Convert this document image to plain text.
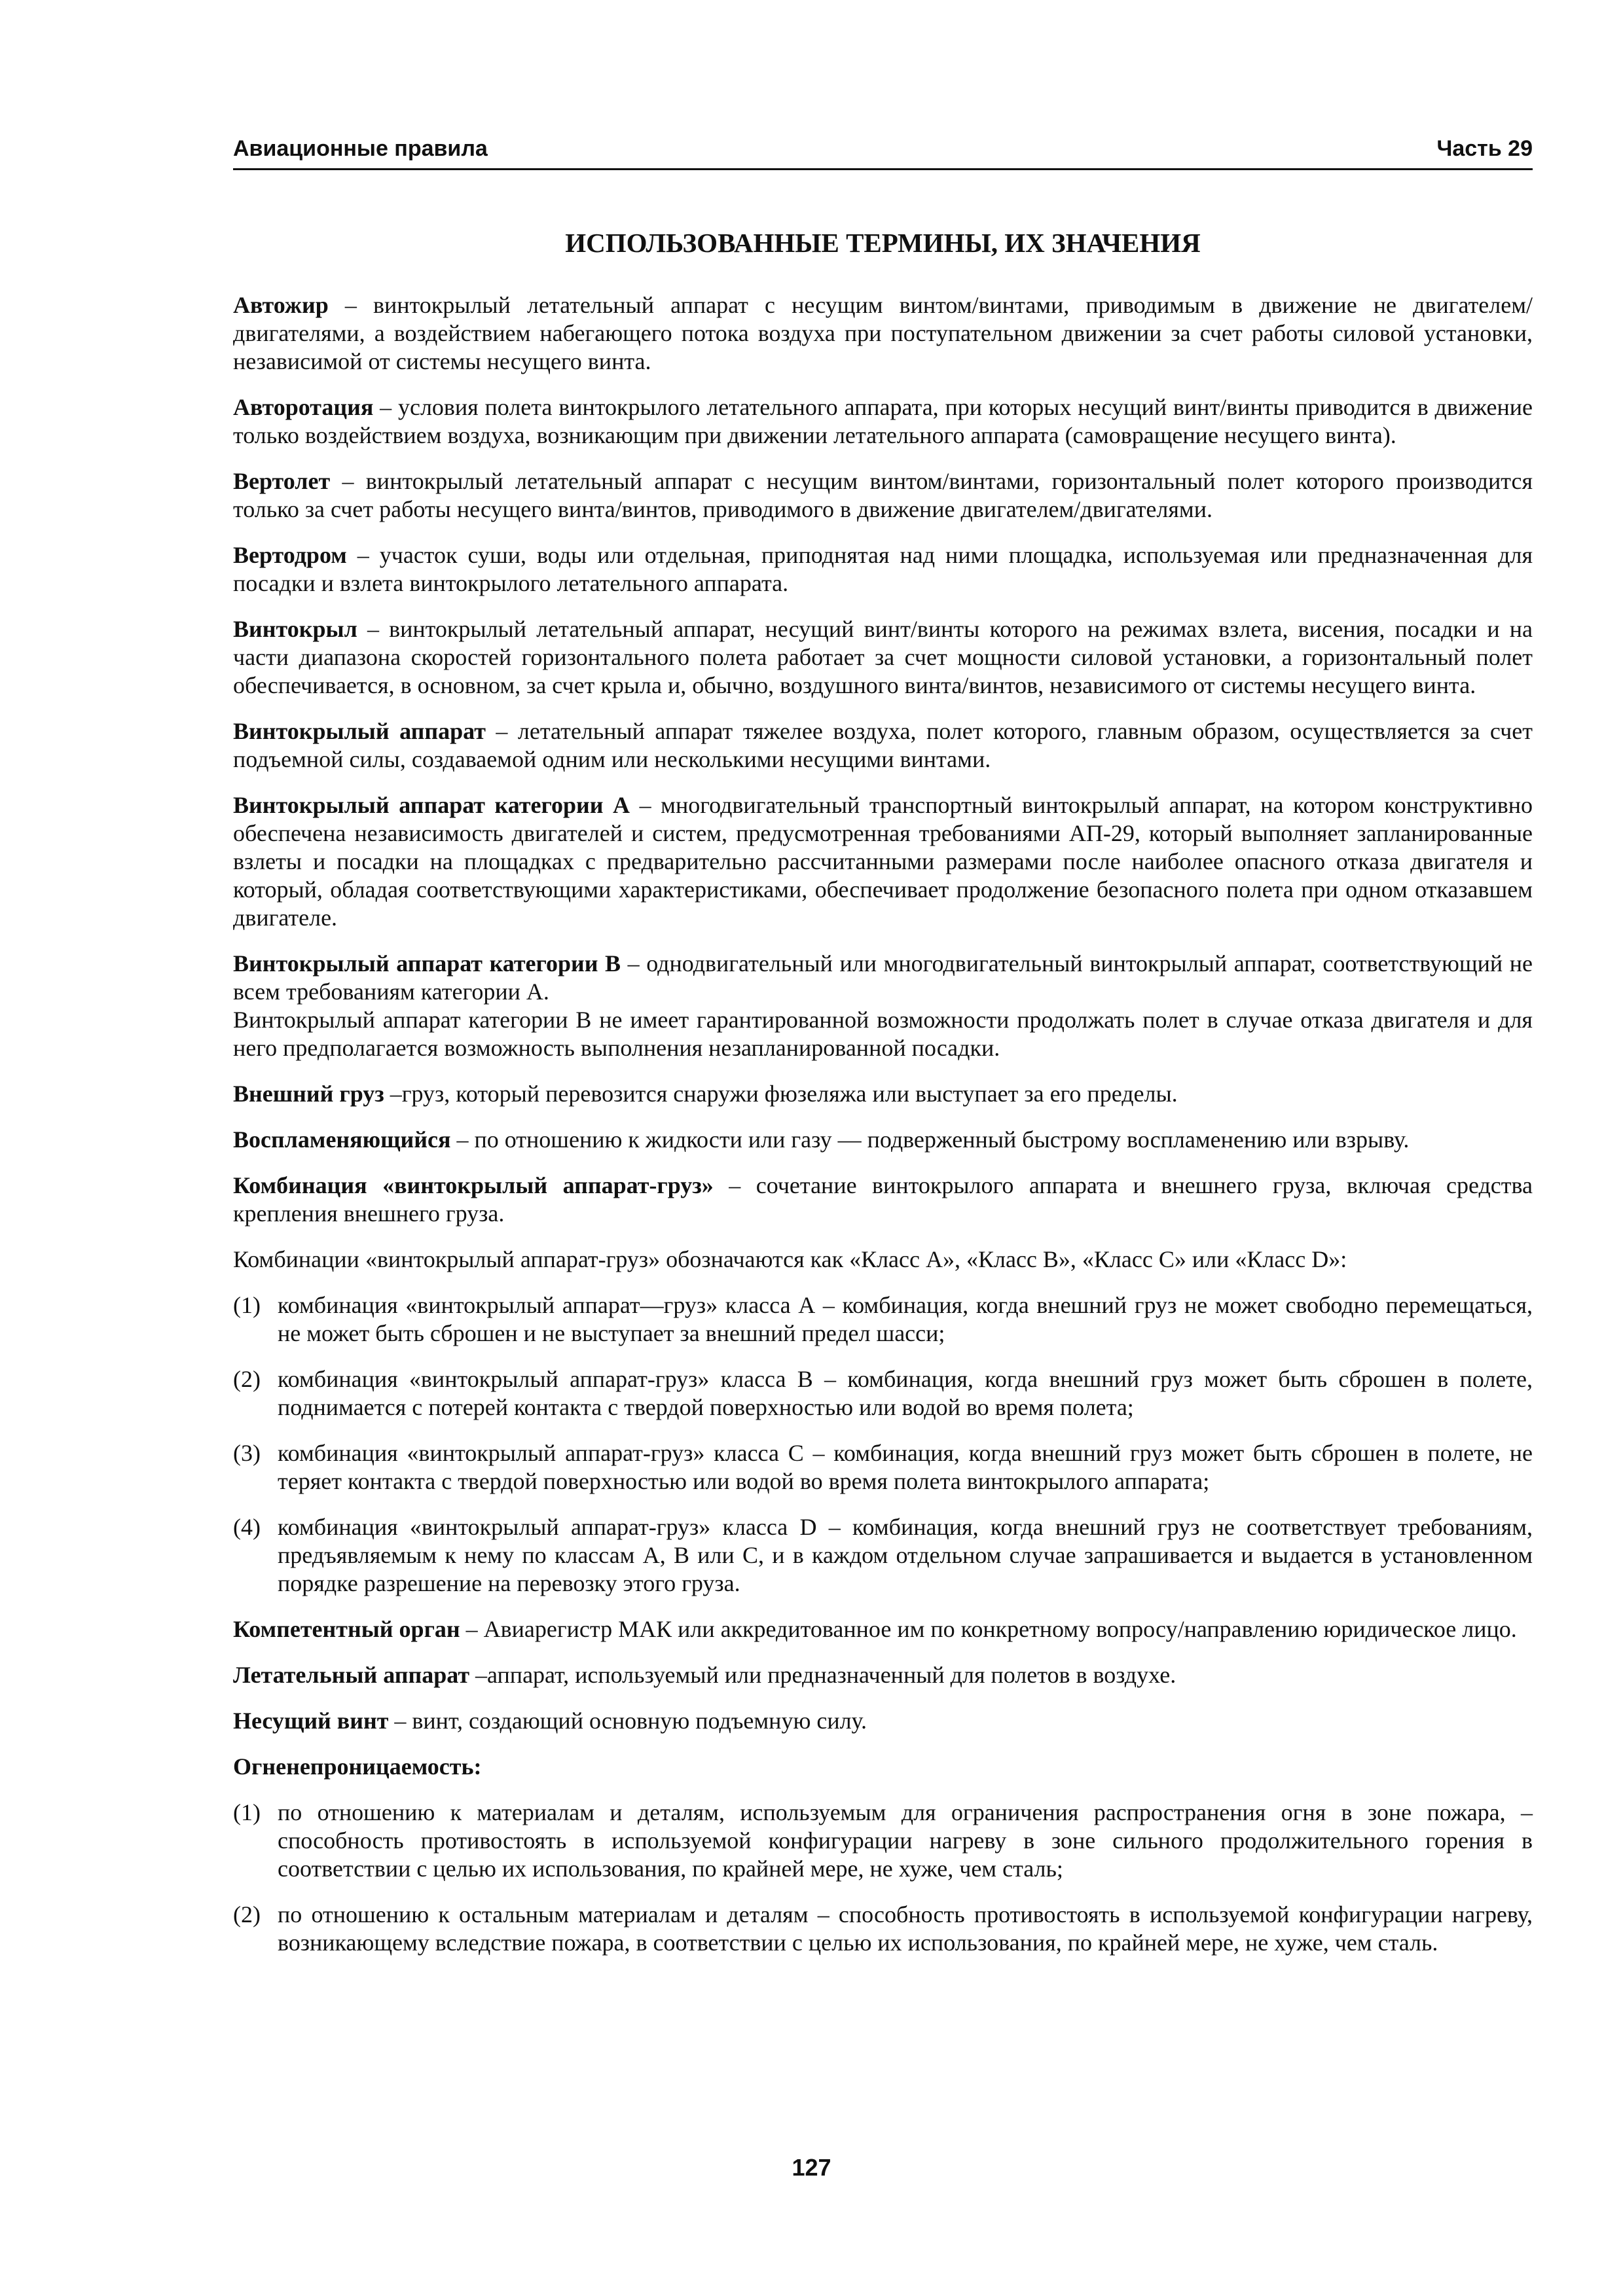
Авиационные правила	Часть 29
ИСПОЛЬЗОВАННЫЕ ТЕРМИНЫ, ИХ ЗНАЧЕНИЯ

Автожир – винтокрылый летательный аппарат с несущим винтом/винтами, приводимым в движение не двигателем/двигателями, а воздействием набегающего потока воздуха при поступательном движении за счет работы силовой установки, независимой от системы несущего винта.

Авторотация – условия полета винтокрылого летательного аппарата, при которых несущий винт/винты приводится в движение только воздействием воздуха, возникающим при движении летательного аппарата (самовращение несущего винта).

Вертолет – винтокрылый летательный аппарат с несущим винтом/винтами, горизонтальный полет которого производится только за счет работы несущего винта/винтов, приводимого в движение двигателем/двигателями.

Вертодром – участок суши, воды или отдельная, приподнятая над ними площадка, используемая или предназначенная для посадки и взлета винтокрылого летательного аппарата.

Винтокрыл – винтокрылый летательный аппарат, несущий винт/винты которого на режимах взлета, висения, посадки и на части диапазона скоростей горизонтального полета работает за счет мощности силовой установки, а горизонтальный полет обеспечивается, в основном, за счет крыла и, обычно, воздушного винта/винтов, независимого от системы несущего винта.

Винтокрылый аппарат – летательный аппарат тяжелее воздуха, полет которого, главным образом, осуществляется за счет подъемной силы, создаваемой одним или несколькими несущими винтами.

Винтокрылый аппарат категории А – многодвигательный транспортный винтокрылый аппарат, на котором конструктивно обеспечена независимость двигателей и систем, предусмотренная требованиями АП-29, который выполняет запланированные взлеты и посадки на площадках с предварительно рассчитанными размерами после наиболее опасного отказа двигателя и который, обладая соответствующими характеристиками, обеспечивает продолжение безопасного полета при одном отказавшем двигателе.

Винтокрылый аппарат категории В – однодвигательный или многодвигательный винтокрылый аппарат, соответствующий не всем требованиям категории А.

Винтокрылый аппарат категории В не имеет гарантированной возможности продолжать полет в случае отказа двигателя и для него предполагается возможность выполнения незапланированной посадки.

Внешний груз –груз, который перевозится снаружи фюзеляжа или выступает за его пределы.

Воспламеняющийся – по отношению к жидкости или газу — подверженный быстрому воспламенению или взрыву.

Комбинация «винтокрылый аппарат-груз» – сочетание винтокрылого аппарата и внешнего груза, включая средства крепления внешнего груза.

Комбинации «винтокрылый аппарат-груз» обозначаются как «Класс А», «Класс В», «Класс С» или «Класс D»:

(1) комбинация «винтокрылый аппарат—груз» класса А – комбинация, когда внешний груз не может свободно перемещаться, не может быть сброшен и не выступает за внешний предел шасси;
(2) комбинация «винтокрылый аппарат-груз» класса В – комбинация, когда внешний груз может быть сброшен в полете, поднимается с потерей контакта с твердой поверхностью или водой во время полета;
(3) комбинация «винтокрылый аппарат-груз» класса С – комбинация, когда внешний груз может быть сброшен в полете, не теряет контакта с твердой поверхностью или водой во время полета винтокрылого аппарата;
(4) комбинация «винтокрылый аппарат-груз» класса D – комбинация, когда внешний груз не соответствует требованиям, предъявляемым к нему по классам А, В или С, и в каждом отдельном случае запрашивается и выдается в установленном порядке разрешение на перевозку этого груза.

Компетентный орган – Авиарегистр МАК или аккредитованное им по конкретному вопросу/направлению юридическое лицо.

Летательный аппарат –аппарат, используемый или предназначенный для полетов в воздухе.

Несущий винт – винт, создающий основную подъемную силу.

Огненепроницаемость:

(1) по отношению к материалам и деталям, используемым для ограничения распространения огня в зоне пожара, – способность противостоять в используемой конфигурации нагреву в зоне сильного продолжительного горения в соответствии с целью их использования, по крайней мере, не хуже, чем сталь;
(2) по отношению к остальным материалам и деталям – способность противостоять в используемой конфигурации нагреву, возникающему вследствие пожара, в соответствии с целью их использования, по крайней мере, не хуже, чем сталь.
127
